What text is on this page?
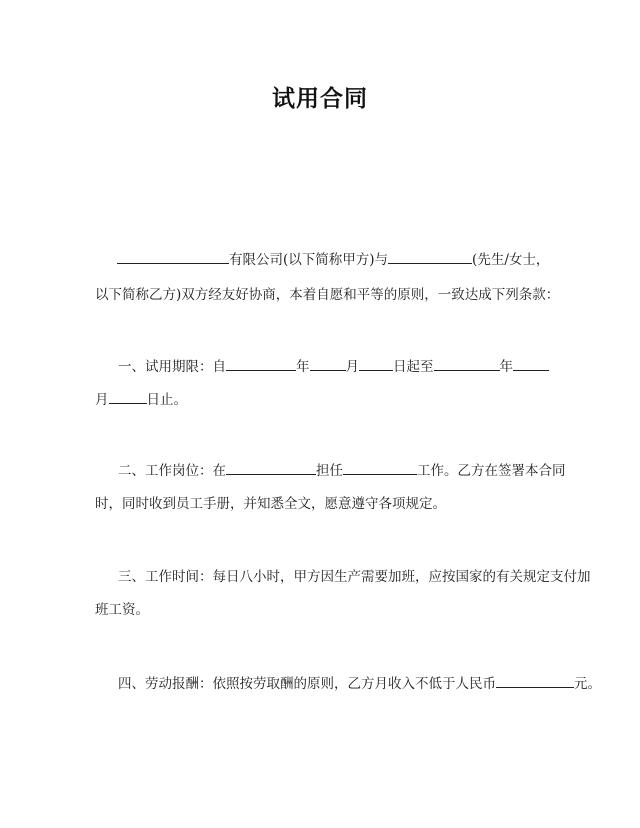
试用合同
有限公司(以下简称甲方)与	(先生/女士，
以下简称乙方)双方经友好协商，本着自愿和平等的原则，一致达成下列条款：
一、试用期限：自	年	月	日起至	年
月	日止。
二、工作岗位：在	担任	工作。乙方在签署本合同
时，同时收到员工手册，并知悉全文，愿意遵守各项规定。
三、工作时间：每日八小时，甲方因生产需要加班，应按国家的有关规定支付加
班工资。
四、劳动报酬：依照按劳取酬的原则，乙方月收入不低于人民币	元。
